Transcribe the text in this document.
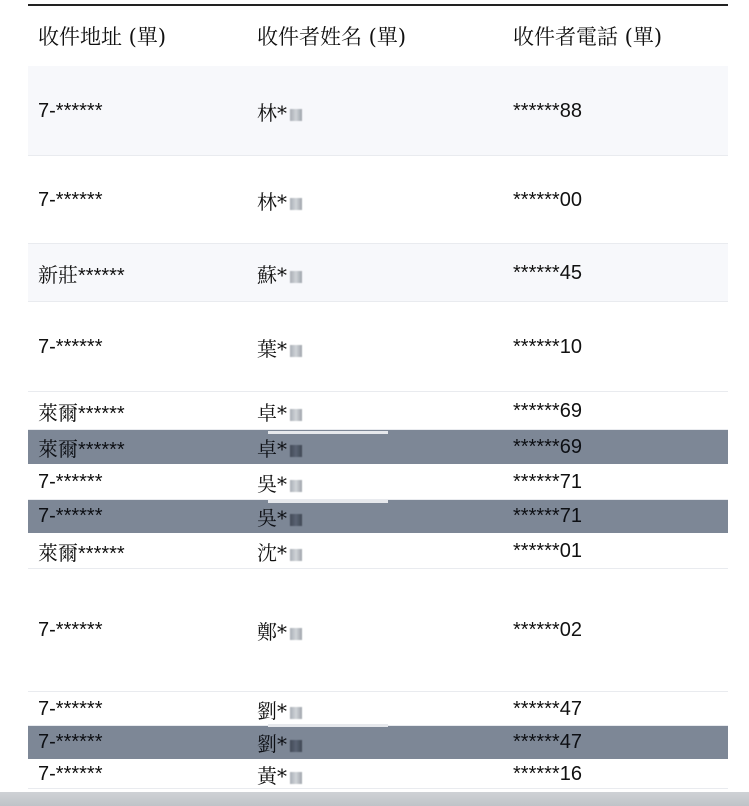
收件地址 (單)	收件者姓名 (單)	收件者電話 (單)
7-******	林*	******88
7-******	林*	******00
新莊******	蘇*	******45
7-******	葉*	******10
萊爾******	卓*	******69
萊爾******	卓*	******69
7-******	吳*	******71
7-******	吳*	******71
萊爾******	沈*	******01
7-******	鄭*	******02
7-******	劉*	******47
7-******	劉*	******47
7-******	黃*	******16
